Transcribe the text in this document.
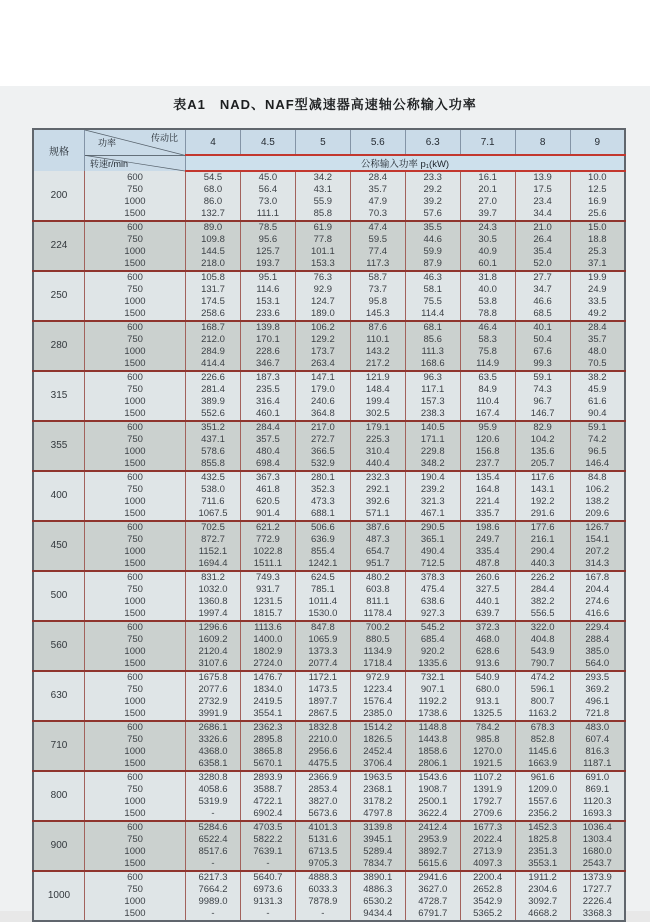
表A1　NAD、NAF型减速器高速轴公称输入功率
规格	功率 传动比
转速r/min	4	4.5	5	5.6	6.3	7.1	8	9
		公称输入功率 p₁(kW)							
200	600	54.5	45.0	34.2	28.4	23.3	16.1	13.9	10.0
	750	68.0	56.4	43.1	35.7	29.2	20.1	17.5	12.5
	1000	86.0	73.0	55.9	47.9	39.2	27.0	23.4	16.9
	1500	132.7	111.1	85.8	70.3	57.6	39.7	34.4	25.6
224	600	89.0	78.5	61.9	47.4	35.5	24.3	21.0	15.0
	750	109.8	95.6	77.8	59.5	44.6	30.5	26.4	18.8
	1000	144.5	125.7	101.1	77.4	59.9	40.9	35.4	25.3
	1500	218.0	193.7	153.3	117.3	87.9	60.1	52.0	37.1
250	600	105.8	95.1	76.3	58.7	46.3	31.8	27.7	19.9
	750	131.7	114.6	92.9	73.7	58.1	40.0	34.7	24.9
	1000	174.5	153.1	124.7	95.8	75.5	53.8	46.6	33.5
	1500	258.6	233.6	189.0	145.3	114.4	78.8	68.5	49.2
280	600	168.7	139.8	106.2	87.6	68.1	46.4	40.1	28.4
	750	212.0	170.1	129.2	110.1	85.6	58.3	50.4	35.7
	1000	284.9	228.6	173.7	143.2	111.3	75.8	67.6	48.0
	1500	414.4	346.7	263.4	217.2	168.6	114.9	99.3	70.5
315	600	226.6	187.3	147.1	121.9	96.3	63.5	59.1	38.2
	750	281.4	235.5	179.0	148.4	117.1	84.9	74.3	45.9
	1000	389.9	316.4	240.6	199.4	157.3	110.4	96.7	61.6
	1500	552.6	460.1	364.8	302.5	238.3	167.4	146.7	90.4
355	600	351.2	284.4	217.0	179.1	140.5	95.9	82.9	59.1
	750	437.1	357.5	272.7	225.3	171.1	120.6	104.2	74.2
	1000	578.6	480.4	366.5	310.4	229.8	156.8	135.6	96.5
	1500	855.8	698.4	532.9	440.4	348.2	237.7	205.7	146.4
400	600	432.5	367.3	280.1	232.3	190.4	135.4	117.6	84.8
	750	538.0	461.8	352.3	292.1	239.2	164.8	143.1	106.2
	1000	711.6	620.5	473.3	392.6	321.3	221.4	192.2	138.2
	1500	1067.5	901.4	688.1	571.1	467.1	335.7	291.6	209.6
450	600	702.5	621.2	506.6	387.6	290.5	198.6	177.6	126.7
	750	872.7	772.9	636.9	487.3	365.1	249.7	216.1	154.1
	1000	1152.1	1022.8	855.4	654.7	490.4	335.4	290.4	207.2
	1500	1694.4	1511.1	1242.1	951.7	712.5	487.8	440.3	314.3
500	600	831.2	749.3	624.5	480.2	378.3	260.6	226.2	167.8
	750	1032.0	931.7	785.1	603.8	475.4	327.5	284.4	204.4
	1000	1360.8	1231.5	1011.4	811.1	638.6	440.1	382.2	274.6
	1500	1997.4	1815.7	1530.0	1178.4	927.3	639.7	556.5	416.6
560	600	1296.6	1113.6	847.8	700.2	545.2	372.3	322.0	229.4
	750	1609.2	1400.0	1065.9	880.5	685.4	468.0	404.8	288.4
	1000	2120.4	1802.9	1373.3	1134.9	920.2	628.6	543.9	385.0
	1500	3107.6	2724.0	2077.4	1718.4	1335.6	913.6	790.7	564.0
630	600	1675.8	1476.7	1172.1	972.9	732.1	540.9	474.2	293.5
	750	2077.6	1834.0	1473.5	1223.4	907.1	680.0	596.1	369.2
	1000	2732.9	2419.5	1897.7	1576.4	1192.2	913.1	800.7	496.1
	1500	3991.9	3554.1	2867.5	2385.0	1738.6	1325.5	1163.2	721.8
710	600	2686.1	2362.3	1832.8	1514.2	1148.8	784.2	678.3	483.0
	750	3326.6	2895.8	2210.0	1826.5	1443.8	985.8	852.8	607.4
	1000	4368.0	3865.8	2956.6	2452.4	1858.6	1270.0	1145.6	816.3
	1500	6358.1	5670.1	4475.5	3706.4	2806.1	1921.5	1663.9	1187.1
800	600	3280.8	2893.9	2366.9	1963.5	1543.6	1107.2	961.6	691.0
	750	4058.6	3588.7	2853.4	2368.1	1908.7	1391.9	1209.0	869.1
	1000	5319.9	4722.1	3827.0	3178.2	2500.1	1792.7	1557.6	1120.3
	1500	-	6902.4	5673.6	4797.8	3622.4	2709.6	2356.2	1693.3
900	600	5284.6	4703.5	4101.3	3139.8	2412.4	1677.3	1452.3	1036.4
	750	6522.4	5822.2	5131.6	3945.1	2953.9	2022.4	1825.8	1303.4
	1000	8517.6	7639.1	6713.5	5289.4	3892.7	2713.9	2351.3	1680.0
	1500	-	-	9705.3	7834.7	5615.6	4097.3	3553.1	2543.7
1000	600	6217.3	5640.7	4888.3	3890.1	2941.6	2200.4	1911.2	1373.9
	750	7664.2	6973.6	6033.3	4886.3	3627.0	2652.8	2304.6	1727.7
	1000	9989.0	9131.3	7878.9	6530.2	4728.7	3542.9	3092.7	2226.4
	1500	-	-	-	9434.4	6791.7	5365.2	4668.2	3368.3
